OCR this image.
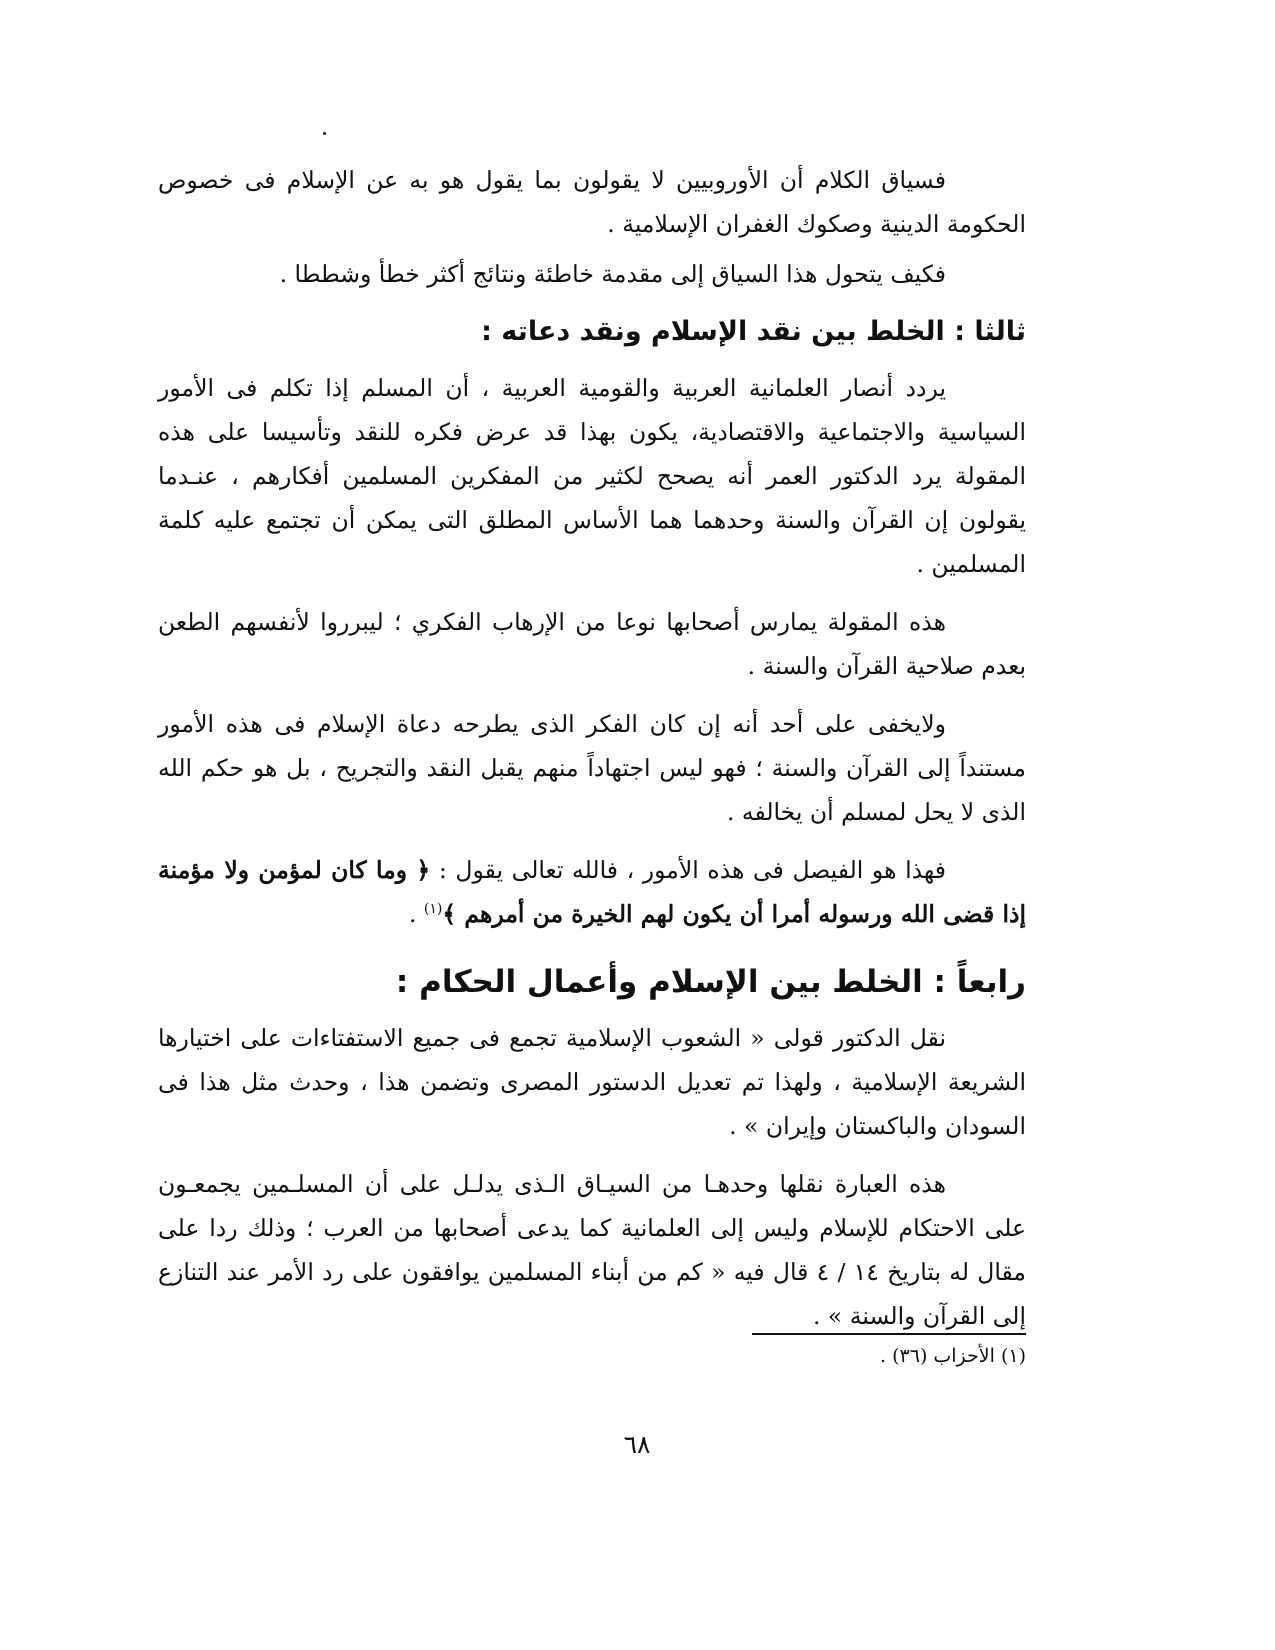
فسياق الكلام أن الأوروبيين لا يقولون بما يقول هو به عن الإسلام فى خصوص الحكومة الدينية وصكوك الغفران الإسلامية .

فكيف يتحول هذا السياق إلى مقدمة خاطئة ونتائج أكثر خطأ وشططا .

ثالثا : الخلط بين نقد الإسلام ونقد دعاته :

يردد أنصار العلمانية العربية والقومية العربية ، أن المسلم إذا تكلم فى الأمور السياسية والاجتماعية والاقتصادية، يكون بهذا قد عرض فكره للنقد وتأسيسا على هذه المقولة يرد الدكتور العمر أنه يصحح لكثير من المفكرين المسلمين أفكارهم ، عنـدما يقولون إن القرآن والسنة وحدهما هما الأساس المطلق التى يمكن أن تجتمع عليه كلمة المسلمين .

هذه المقولة يمارس أصحابها نوعا من الإرهاب الفكري ؛ ليبرروا لأنفسهم الطعن بعدم صلاحية القرآن والسنة .

ولايخفى على أحد أنه إن كان الفكر الذى يطرحه دعاة الإسلام فى هذه الأمور مستنداً إلى القرآن والسنة ؛ فهو ليس اجتهاداً منهم يقبل النقد والتجريح ، بل هو حكم الله الذى لا يحل لمسلم أن يخالفه .

فهذا هو الفيصل فى هذه الأمور ، فالله تعالى يقول : ﴿ وما كان لمؤمن ولا مؤمنة إذا قضى الله ورسوله أمرا أن يكون لهم الخيرة من أمرهم ﴾$^{(١)}$ .

رابعاً : الخلط بين الإسلام وأعمال الحكام :

نقل الدكتور قولى « الشعوب الإسلامية تجمع فى جميع الاستفتاءات على اختيارها الشريعة الإسلامية ، ولهذا تم تعديل الدستور المصرى وتضمن هذا ، وحدث مثل هذا فى السودان والباكستان وإيران » .

هذه العبارة نقلها وحدهـا من السيـاق الـذى يدلـل على أن المسلـمين يجمعـون على الاحتكام للإسلام وليس إلى العلمانية كما يدعى أصحابها من العرب ؛ وذلك ردا على مقال له بتاريخ ١٤ / ٤ قال فيه « كم من أبناء المسلمين يوافقون على رد الأمر عند التنازع إلى القرآن والسنة » .

(١) الأحزاب (٣٦) .
٦٨
